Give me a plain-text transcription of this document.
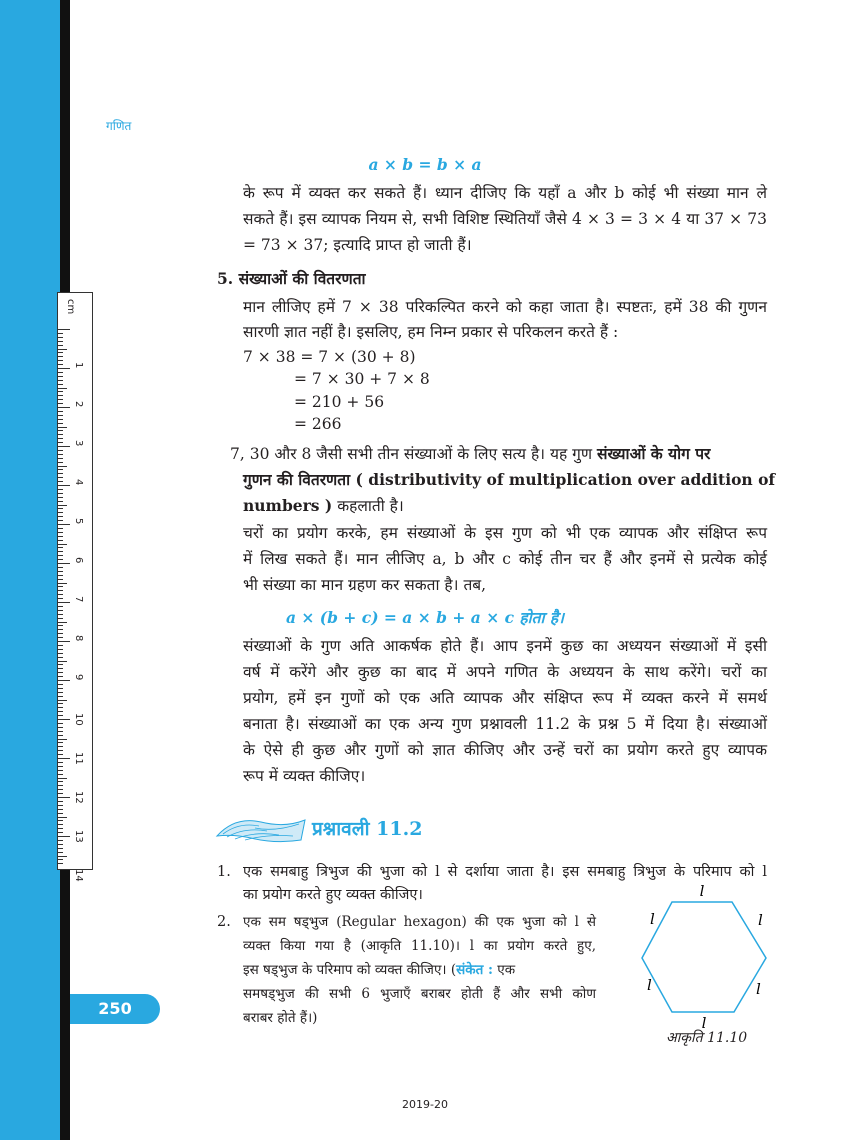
cm
1
2
3
4
5
6
7
8
9
10
11
12
13
14
गणित
a × b = b × a
के रूप में व्यक्त कर सकते हैं। ध्यान दीजिए कि यहाँ a और b कोई भी संख्या मान ले
सकते हैं। इस व्यापक नियम से, सभी विशिष्ट स्थितियाँ जैसे 4 × 3 = 3 × 4 या 37 × 73
= 73 × 37; इत्यादि प्राप्त हो जाती हैं।
5. संख्याओं की वितरणता
मान लीजिए हमें 7 × 38 परिकल्पित करने को कहा जाता है। स्पष्टतः, हमें 38 की गुणन
सारणी ज्ञात नहीं है। इसलिए, हम निम्न प्रकार से परिकलन करते हैं :
7 × 38 = 7 × (30 + 8)
= 7 × 30 + 7 × 8
= 210 + 56
= 266
7, 30 और 8 जैसी सभी तीन संख्याओं के लिए सत्य है। यह गुण संख्याओं के योग पर
गुणन की वितरणता ( distributivity of multiplication over addition of
numbers ) कहलाती है।
चरों का प्रयोग करके, हम संख्याओं के इस गुण को भी एक व्यापक और संक्षिप्त रूप
में लिख सकते हैं। मान लीजिए a, b और c कोई तीन चर हैं और इनमें से प्रत्येक कोई
भी संख्या का मान ग्रहण कर सकता है। तब,
a × (b + c) = a × b + a × c होता है।
संख्याओं के गुण अति आकर्षक होते हैं। आप इनमें कुछ का अध्ययन संख्याओं में इसी
वर्ष में करेंगे और कुछ का बाद में अपने गणित के अध्ययन के साथ करेंगे। चरों का
प्रयोग, हमें इन गुणों को एक अति व्यापक और संक्षिप्त रूप में व्यक्त करने में समर्थ
बनाता है। संख्याओं का एक अन्य गुण प्रश्नावली 11.2 के प्रश्न 5 में दिया है। संख्याओं
के ऐसे ही कुछ और गुणों को ज्ञात कीजिए और उन्हें चरों का प्रयोग करते हुए व्यापक
रूप में व्यक्त कीजिए।
प्रश्नावली 11.2
1. एक समबाहु त्रिभुज की भुजा को l से दर्शाया जाता है। इस समबाहु त्रिभुज के परिमाप को l
का प्रयोग करते हुए व्यक्त कीजिए।
2. एक सम षड्भुज (Regular hexagon) की एक भुजा को l से
व्यक्त किया गया है (आकृति 11.10)। l का प्रयोग करते हुए,
इस षड्भुज के परिमाप को व्यक्त कीजिए। (संकेत : एक
समषड्भुज की सभी 6 भुजाएँ बराबर होती हैं और सभी कोण
बराबर होते हैं।)
l
l
l
l
l
l
आकृति 11.10
250
2019-20
